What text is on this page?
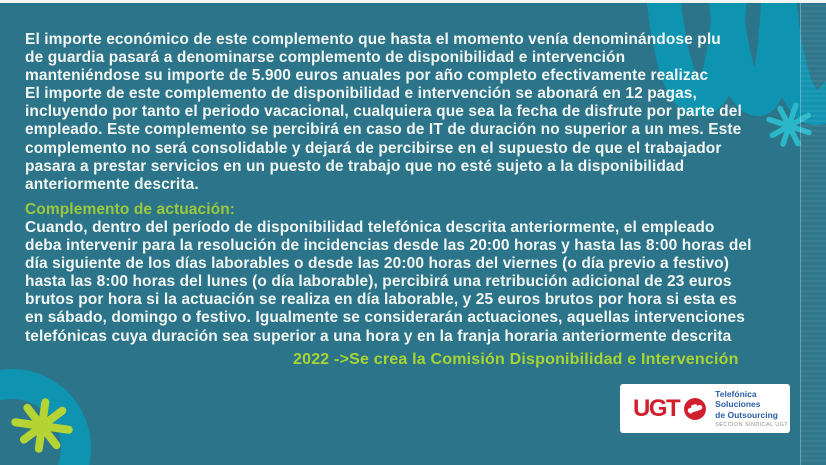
El importe económico de este complemento que hasta el momento venía denominándose plu
de guardia pasará a denominarse complemento de disponibilidad e intervención
manteniéndose su importe de 5.900 euros anuales por año completo efectivamente realizac
El importe de este complemento de disponibilidad e intervención se abonará en 12 pagas,
incluyendo por tanto el periodo vacacional, cualquiera que sea la fecha de disfrute por parte del
empleado. Este complemento se percibirá en caso de IT de duración no superior a un mes. Este
complemento no será consolidable y dejará de percibirse en el supuesto de que el trabajador
pasara a prestar servicios en un puesto de trabajo que no esté sujeto a la disponibilidad
anteriormente descrita.
Complemento de actuación:
Cuando, dentro del período de disponibilidad telefónica descrita anteriormente, el empleado
deba intervenir para la resolución de incidencias desde las 20:00 horas y hasta las 8:00 horas del
día siguiente de los días laborables o desde las 20:00 horas del viernes (o día previo a festivo)
hasta las 8:00 horas del lunes (o día laborable), percibirá una retribución adicional de 23 euros
brutos por hora si la actuación se realiza en día laborable, y 25 euros brutos por hora si esta es
en sábado, domingo o festivo. Igualmente se considerarán actuaciones, aquellas intervenciones
telefónicas cuya duración sea superior a una hora y en la franja horaria anteriormente descrita
2022 ->Se crea la Comisión Disponibilidad e Intervención
UGT
Telefónica
Soluciones
de Outsourcing
SECCION SINDICAL UGT
